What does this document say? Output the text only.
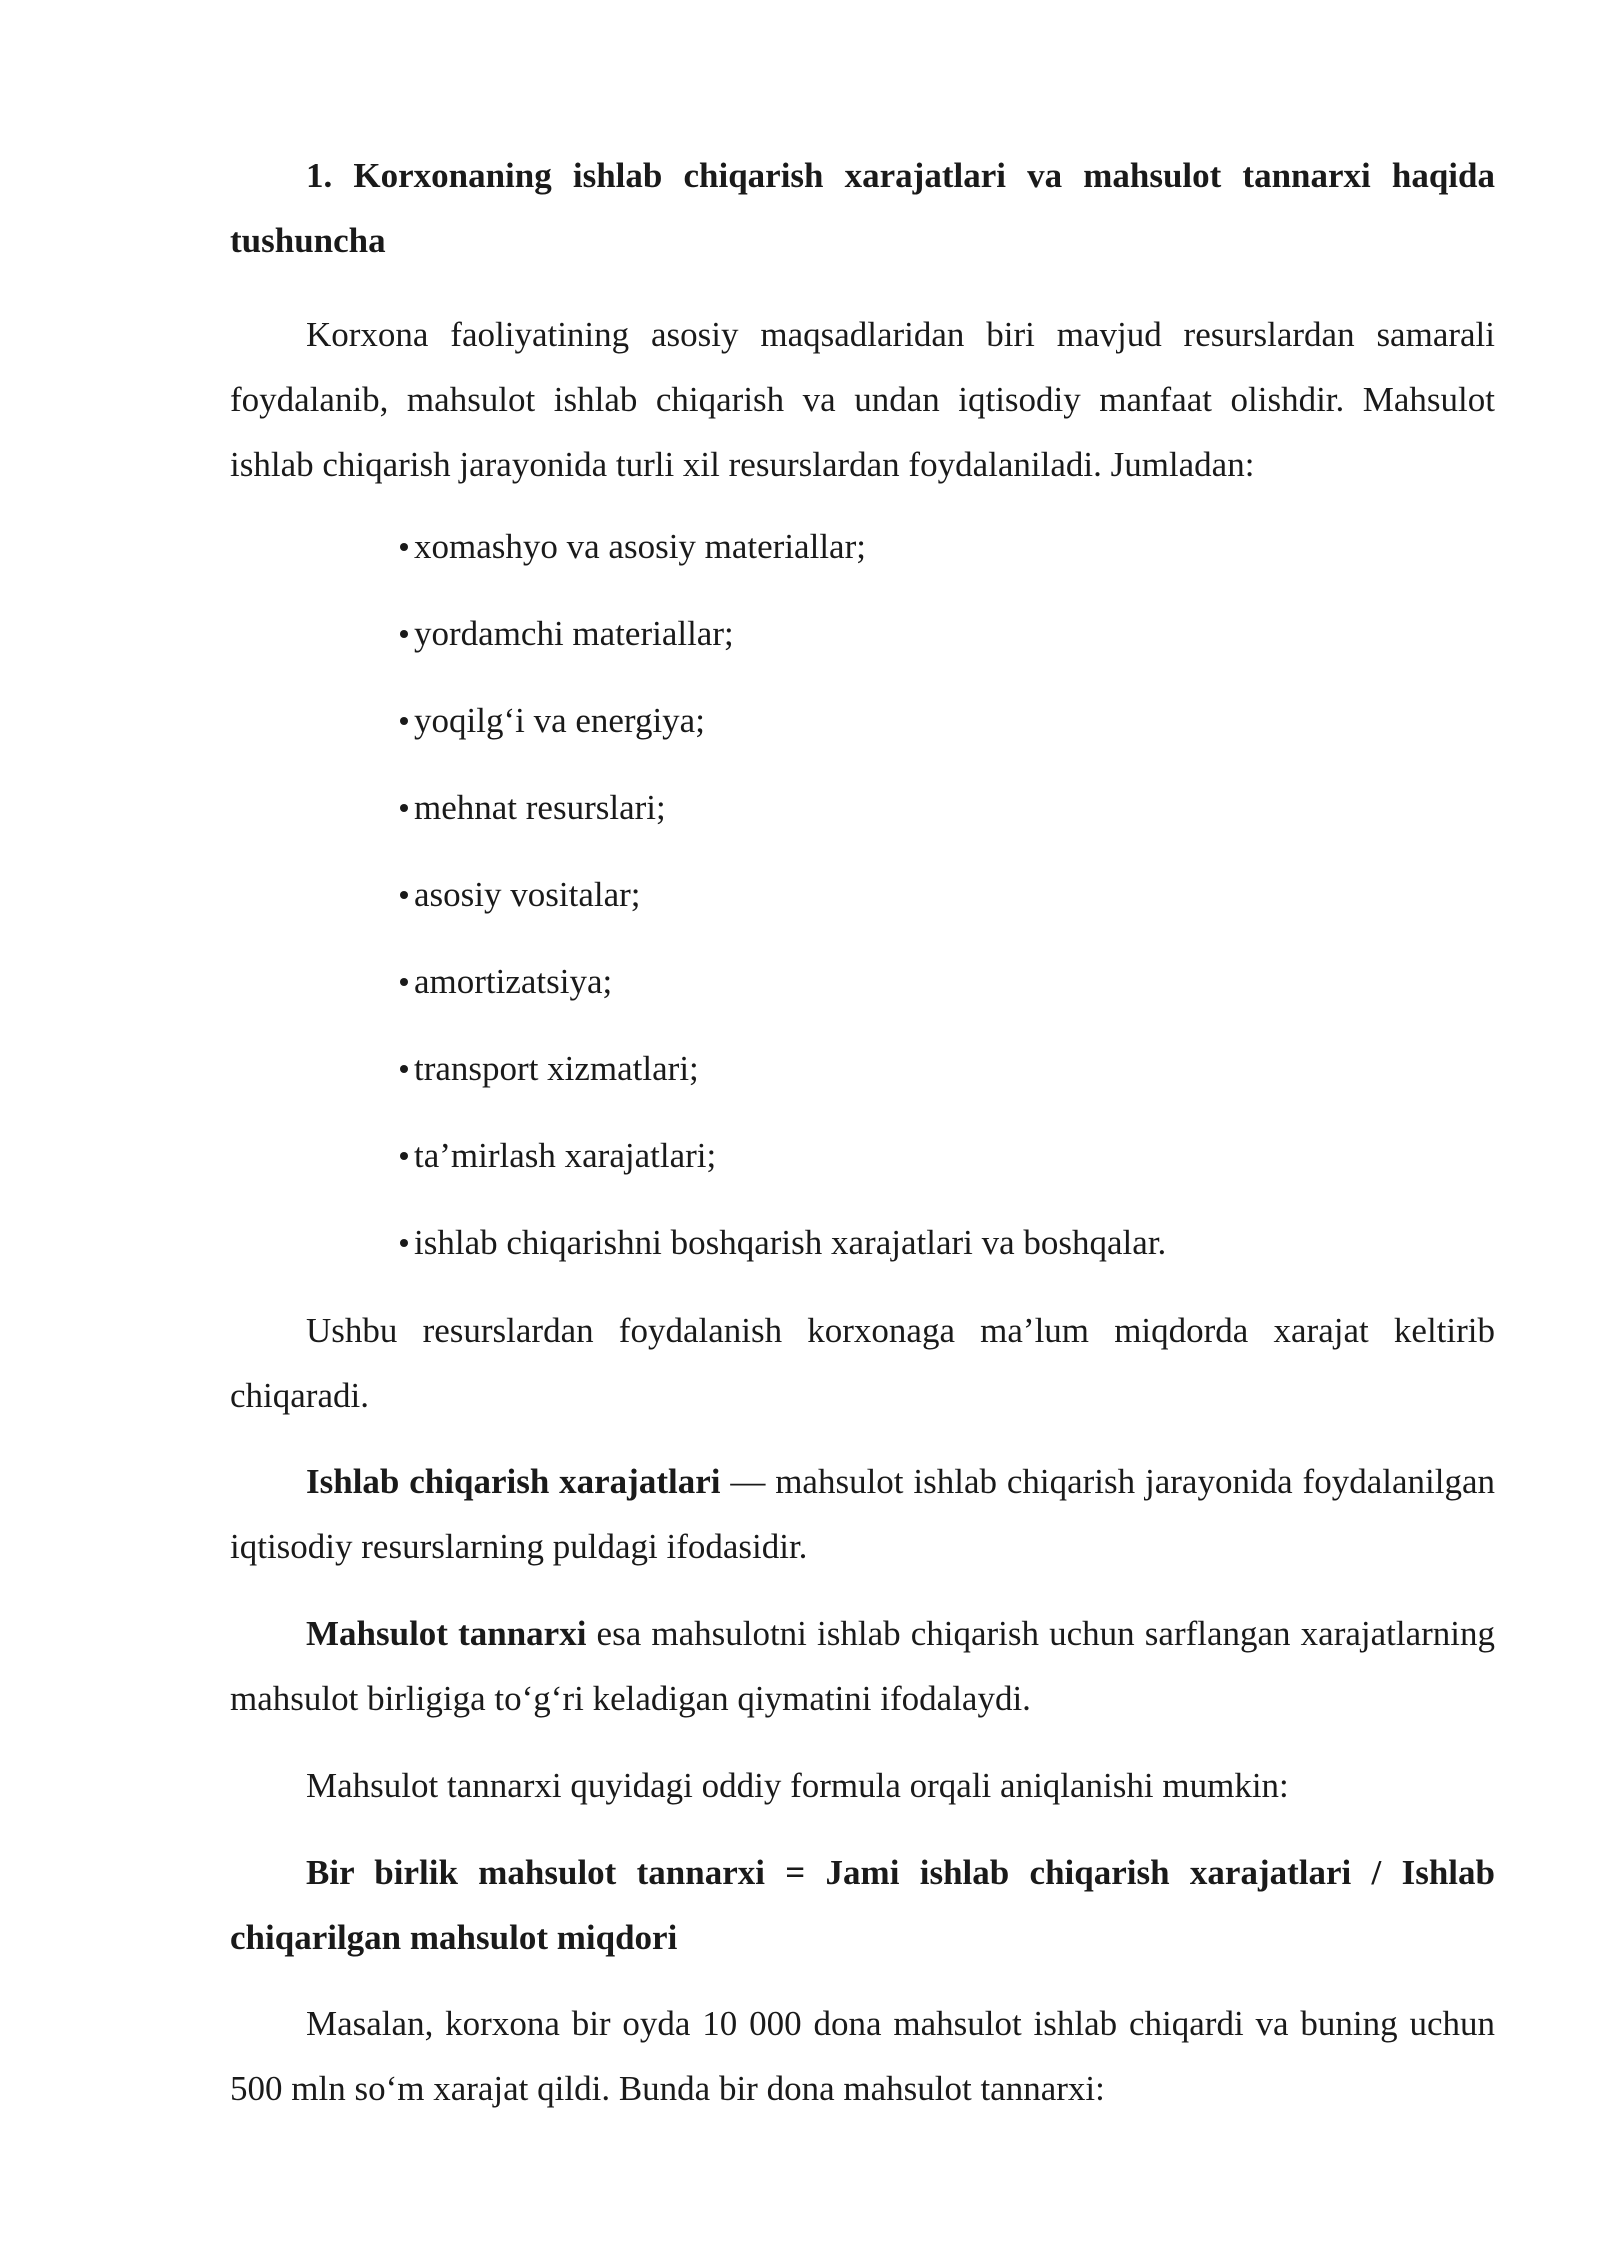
1. Korxonaning ishlab chiqarish xarajatlari va mahsulot tannarxi haqida tushuncha

Korxona faoliyatining asosiy maqsadlaridan biri mavjud resurslardan samarali foydalanib, mahsulot ishlab chiqarish va undan iqtisodiy manfaat olishdir. Mahsulot ishlab chiqarish jarayonida turli xil resurslardan foydalaniladi. Jumladan:

xomashyo va asosiy materiallar;
yordamchi materiallar;
yoqilg‘i va energiya;
mehnat resurslari;
asosiy vositalar;
amortizatsiya;
transport xizmatlari;
ta’mirlash xarajatlari;
ishlab chiqarishni boshqarish xarajatlari va boshqalar.

Ushbu resurslardan foydalanish korxonaga ma’lum miqdorda xarajat keltirib chiqaradi.

Ishlab chiqarish xarajatlari — mahsulot ishlab chiqarish jarayonida foydalanilgan iqtisodiy resurslarning puldagi ifodasidir.

Mahsulot tannarxi esa mahsulotni ishlab chiqarish uchun sarflangan xarajatlarning mahsulot birligiga to‘g‘ri keladigan qiymatini ifodalaydi.

Mahsulot tannarxi quyidagi oddiy formula orqali aniqlanishi mumkin:

Bir birlik mahsulot tannarxi = Jami ishlab chiqarish xarajatlari / Ishlab chiqarilgan mahsulot miqdori

Masalan, korxona bir oyda 10 000 dona mahsulot ishlab chiqardi va buning uchun 500 mln so‘m xarajat qildi. Bunda bir dona mahsulot tannarxi:
